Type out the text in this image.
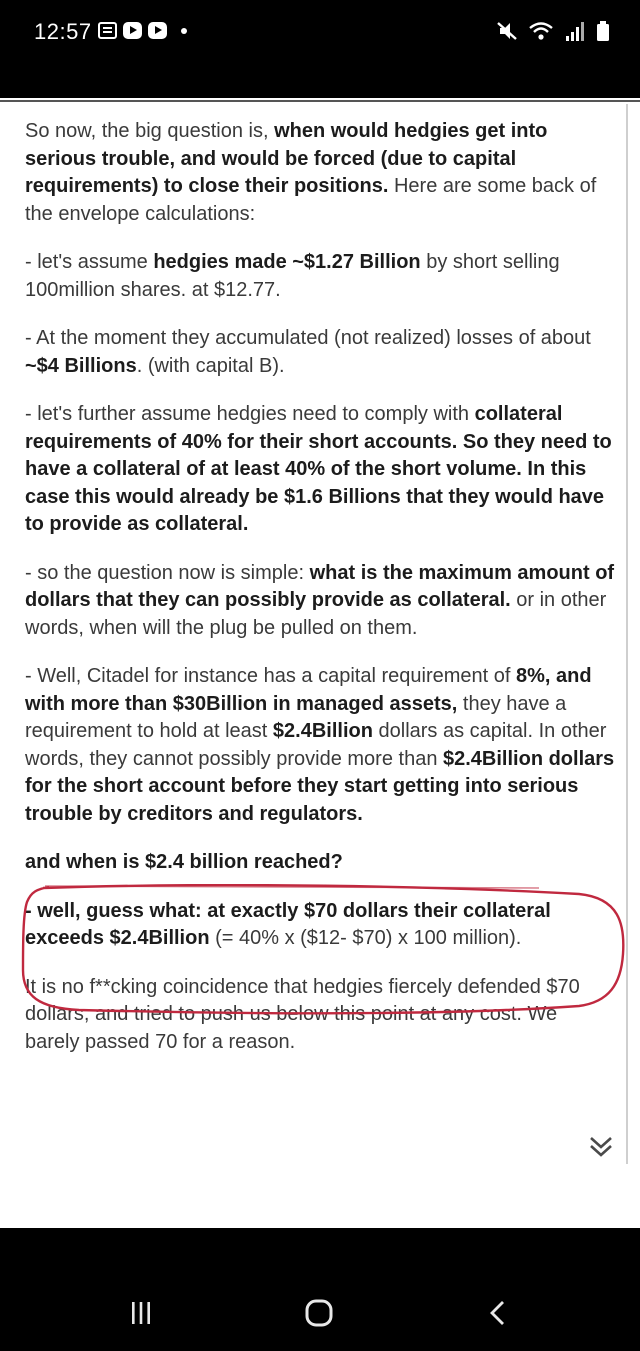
12:57

So now, the big question is, when would hedgies get into serious trouble, and would be forced (due to capital requirements) to close their positions. Here are some back of the envelope calculations:

- let's assume hedgies made ~$1.27 Billion by short selling 100million shares. at $12.77.

- At the moment they accumulated (not realized) losses of about ~$4 Billions. (with capital B).

- let's further assume hedgies need to comply with collateral requirements of 40% for their short accounts. So they need to have a collateral of at least 40% of the short volume. In this case this would already be $1.6 Billions that they would have to provide as collateral.

- so the question now is simple: what is the maximum amount of dollars that they can possibly provide as collateral. or in other words, when will the plug be pulled on them.

- Well, Citadel for instance has a capital requirement of 8%, and with more than $30Billion in managed assets, they have a requirement to hold at least $2.4Billion dollars as capital. In other words, they cannot possibly provide more than $2.4Billion dollars for the short account before they start getting into serious trouble by creditors and regulators.

and when is $2.4 billion reached?

- well, guess what: at exactly $70 dollars their collateral exceeds $2.4Billion (= 40% x ($12- $70) x 100 million).

It is no f**cking coincidence that hedgies fiercely defended $70 dollars, and tried to push us below this point at any cost. We barely passed 70 for a reason.
